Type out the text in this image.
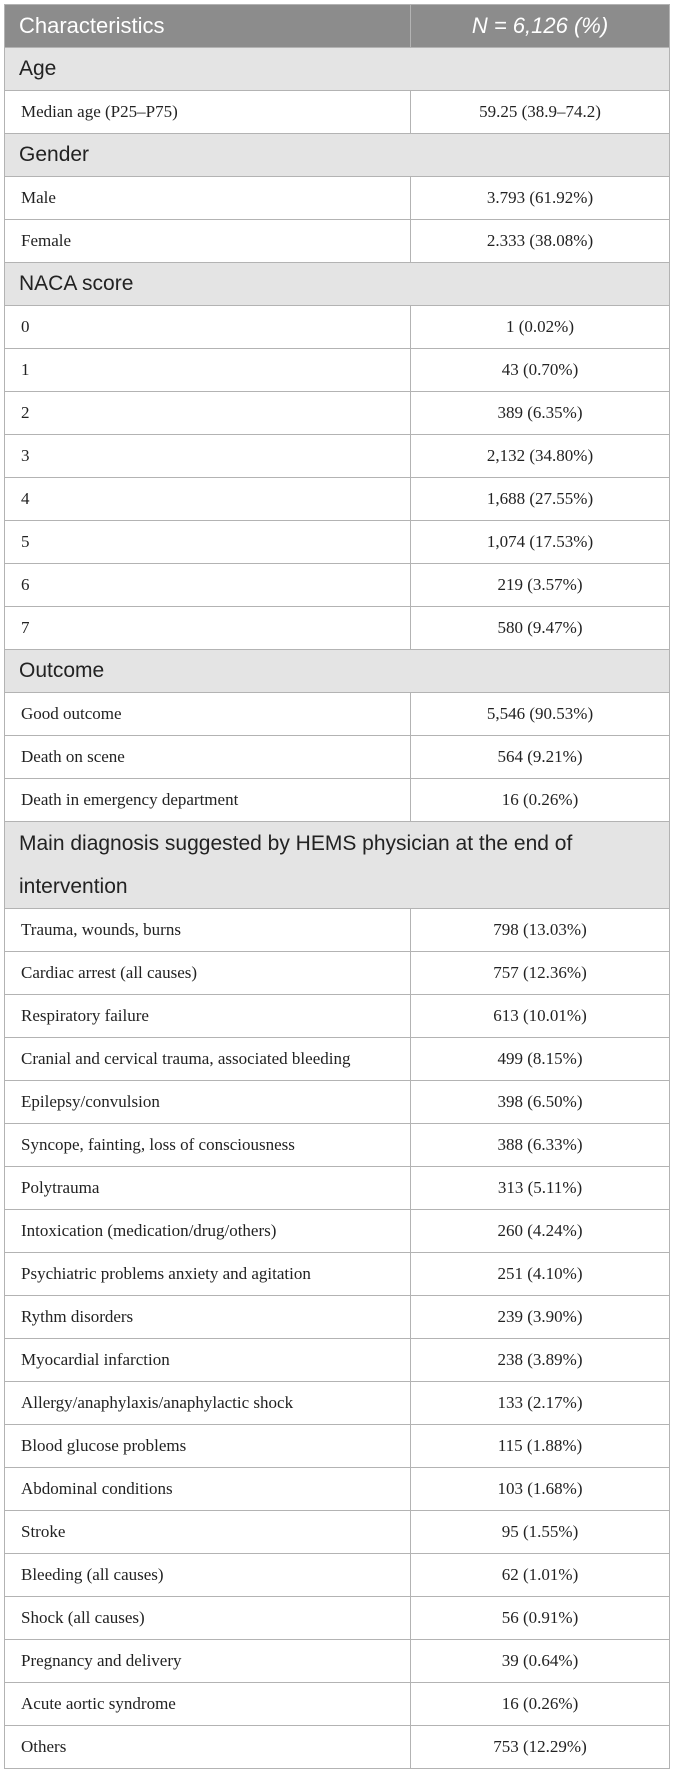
Characteristics	N = 6,126 (%)
Age	
Median age (P25–P75)	59.25 (38.9–74.2)
Gender	
Male	3.793 (61.92%)
Female	2.333 (38.08%)
NACA score	
0	1 (0.02%)
1	43 (0.70%)
2	389 (6.35%)
3	2,132 (34.80%)
4	1,688 (27.55%)
5	1,074 (17.53%)
6	219 (3.57%)
7	580 (9.47%)
Outcome	
Good outcome	5,546 (90.53%)
Death on scene	564 (9.21%)
Death in emergency department	16 (0.26%)
Main diagnosis suggested by HEMS physician at the end of intervention	
Trauma, wounds, burns	798 (13.03%)
Cardiac arrest (all causes)	757 (12.36%)
Respiratory failure	613 (10.01%)
Cranial and cervical trauma, associated bleeding	499 (8.15%)
Epilepsy/convulsion	398 (6.50%)
Syncope, fainting, loss of consciousness	388 (6.33%)
Polytrauma	313 (5.11%)
Intoxication (medication/drug/others)	260 (4.24%)
Psychiatric problems anxiety and agitation	251 (4.10%)
Rythm disorders	239 (3.90%)
Myocardial infarction	238 (3.89%)
Allergy/anaphylaxis/anaphylactic shock	133 (2.17%)
Blood glucose problems	115 (1.88%)
Abdominal conditions	103 (1.68%)
Stroke	95 (1.55%)
Bleeding (all causes)	62 (1.01%)
Shock (all causes)	56 (0.91%)
Pregnancy and delivery	39 (0.64%)
Acute aortic syndrome	16 (0.26%)
Others	753 (12.29%)
